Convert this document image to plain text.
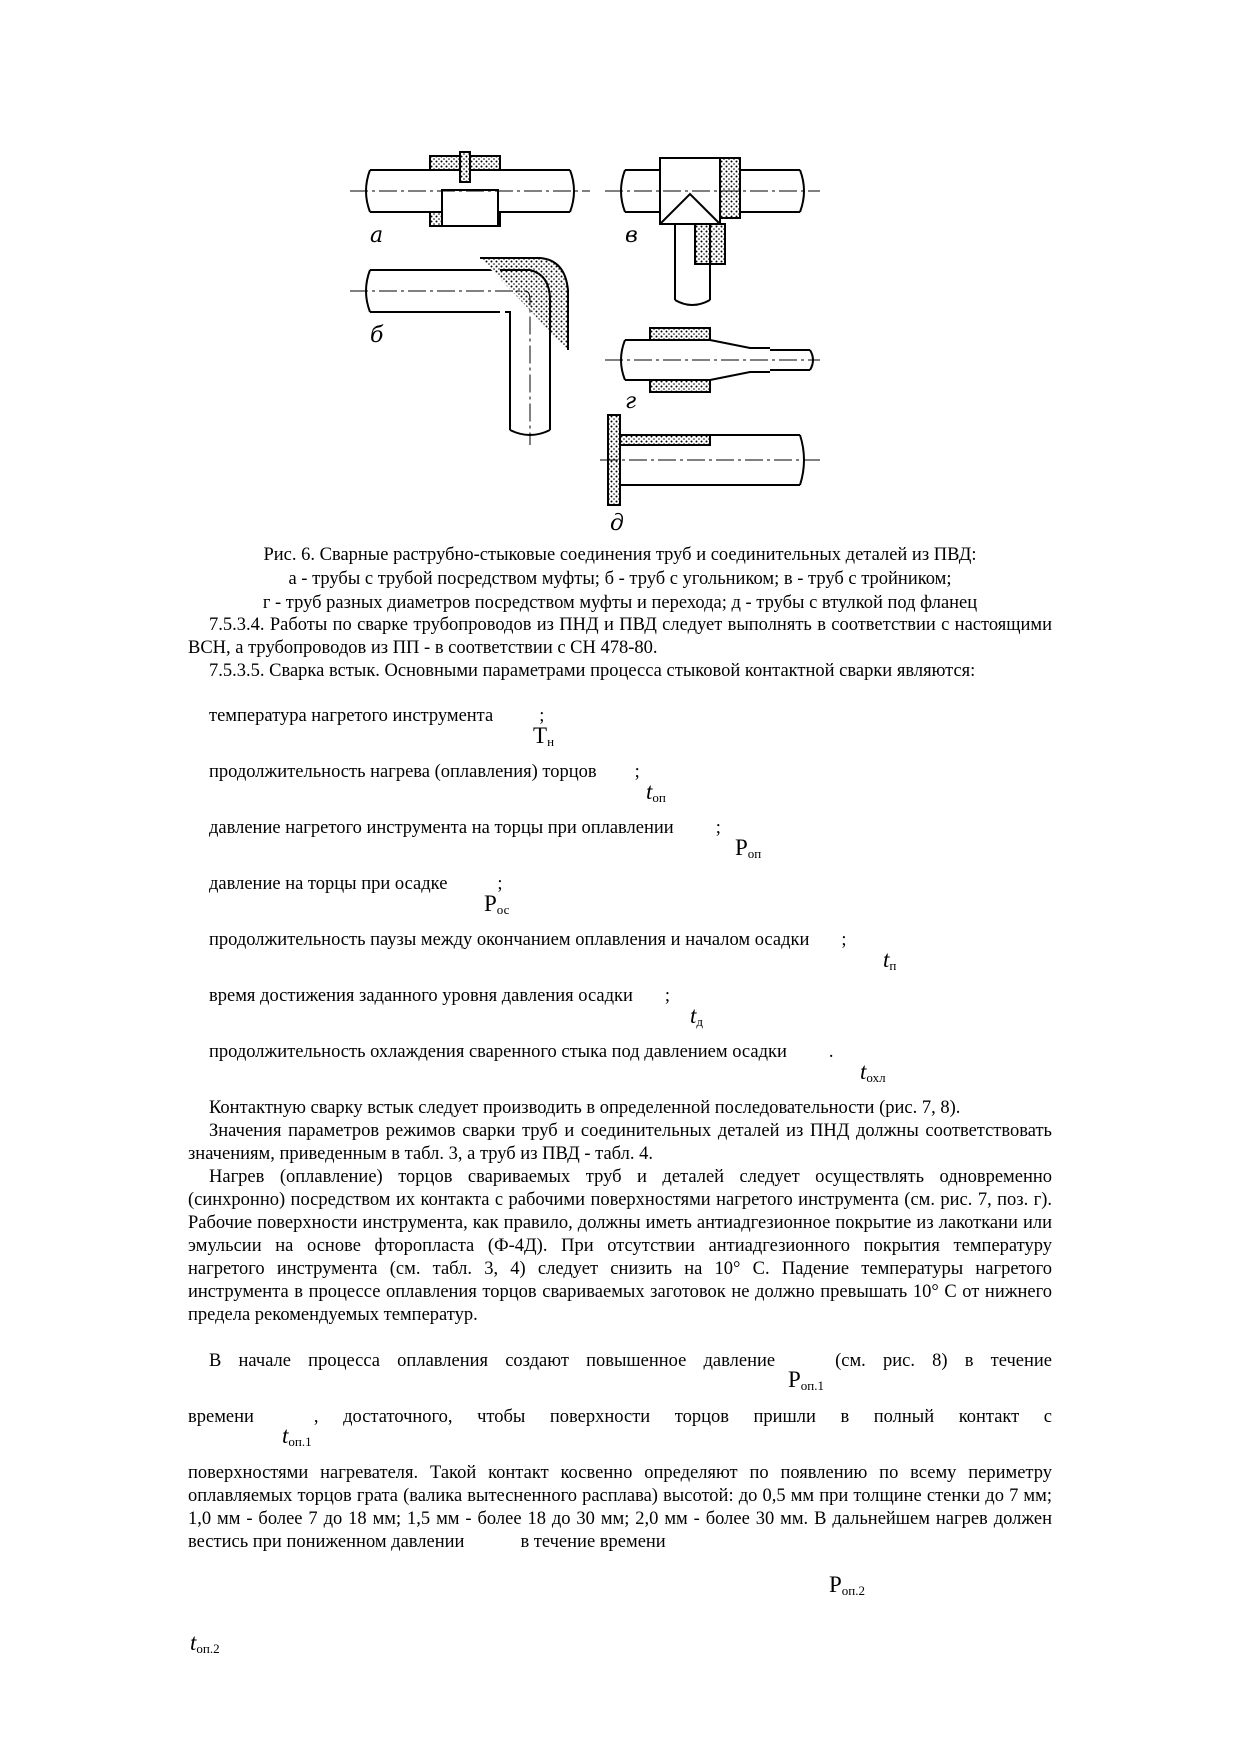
а	в
б
г
д
Рис. 6. Сварные раструбно-стыковые соединения труб и соединительных деталей из ПВД:
а - трубы с трубой посредством муфты; б - труб с угольником; в - труб с тройником;
г - труб разных диаметров посредством муфты и перехода; д - трубы с втулкой под фланец
7.5.3.4. Работы по сварке трубопроводов из ПНД и ПВД следует выполнять в соответствии с настоящими ВСН, а трубопроводов из ПП - в соответствии с СН 478-80.
7.5.3.5. Сварка встык. Основными параметрами процесса стыковой контактной сварки являются:
температура нагретого инструмента ;
$Т_н$
продолжительность нагрева (оплавления) торцов ;
$t_{оп}$
давление нагретого инструмента на торцы при оплавлении ;
$Р_{оп}$
давление на торцы при осадке	;
$Р_{ос}$
продолжительность паузы между окончанием оплавления и началом осадки ;
$t_п$
время достижения заданного уровня давления осадки ;
$t_д$
продолжительность охлаждения сваренного стыка под давлением осадки .
$t_{охл}$
Контактную сварку встык следует производить в определенной последовательности (рис. 7, 8).
Значения параметров режимов сварки труб и соединительных деталей из ПНД должны соответствовать значениям, приведенным в табл. 3, а труб из ПВД - табл. 4.
Нагрев (оплавление) торцов свариваемых труб и деталей следует осуществлять одновременно (синхронно) посредством их контакта с рабочими поверхностями нагретого инструмента (см. рис. 7, поз. г). Рабочие поверхности инструмента, как правило, должны иметь антиадгезионное покрытие из лакоткани или эмульсии на основе фторопласта (Ф-4Д). При отсутствии антиадгезионного покрытия температуру нагретого инструмента (см. табл. 3, 4) следует снизить на 10° С. Падение температуры нагретого инструмента в процессе оплавления торцов свариваемых заготовок не должно превышать 10° С от нижнего предела рекомендуемых температур.
В начале процесса оплавления создают повышенное давление	(см. рис. 8) в течение
$Р_{оп.1}$
времени	, достаточного, чтобы поверхности торцов пришли в полный контакт с
$t_{оп.1}$
поверхностями нагревателя. Такой контакт косвенно определяют по появлению по всему периметру оплавляемых торцов грата (валика вытесненного расплава) высотой: до 0,5 мм при толщине стенки до 7 мм; 1,0 мм - более 7 до 18 мм; 1,5 мм - более 18 до 30 мм; 2,0 мм - более 30 мм. В дальнейшем нагрев должен вестись при пониженном давлении	в течение времени
$Р_{оп.2}$
$t_{оп.2}$
